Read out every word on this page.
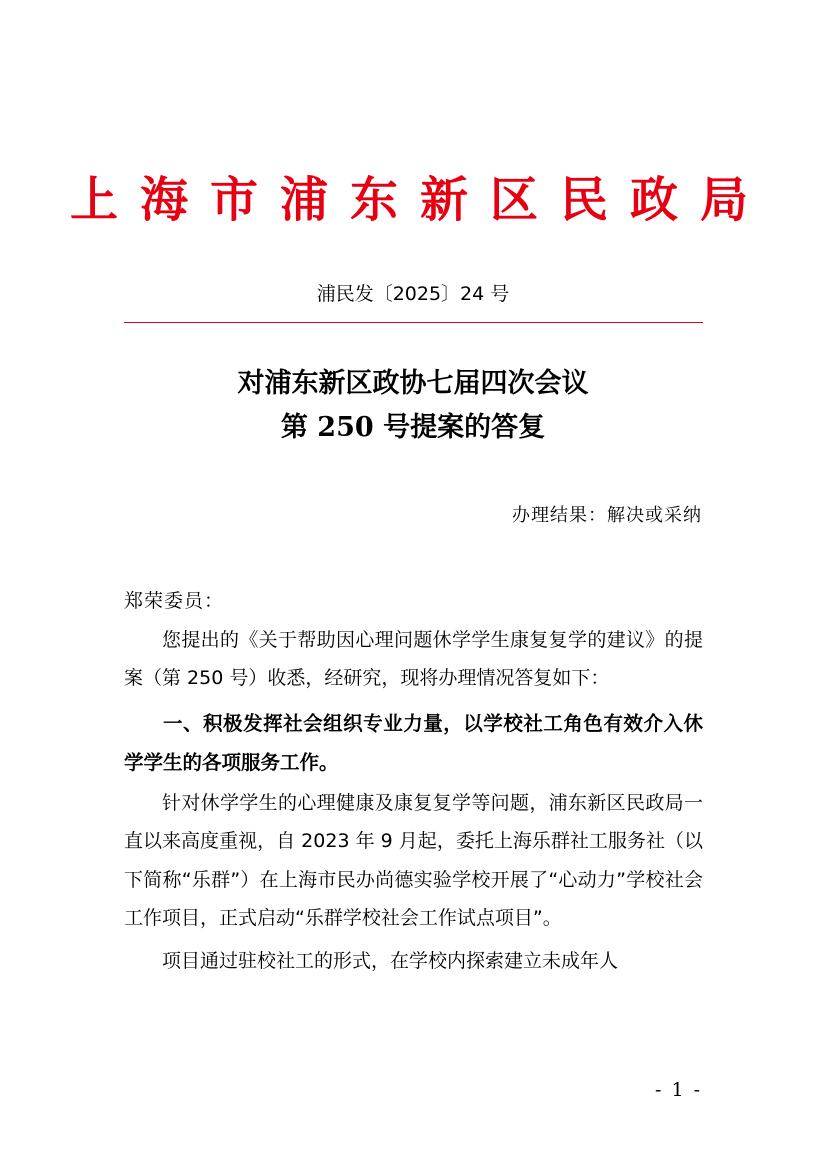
上海市浦东新区民政局
浦民发〔2025〕24 号
对浦东新区政协七届四次会议
第 250 号提案的答复
办理结果：解决或采纳

郑荣委员：

您提出的《关于帮助因心理问题休学学生康复复学的建议》的提案（第 250 号）收悉，经研究，现将办理情况答复如下：

一、积极发挥社会组织专业力量，以学校社工角色有效介入休学学生的各项服务工作。

针对休学学生的心理健康及康复复学等问题，浦东新区民政局一直以来高度重视，自 2023 年 9 月起，委托上海乐群社工服务社（以下简称“乐群”）在上海市民办尚德实验学校开展了“心动力”学校社会工作项目，正式启动“乐群学校社会工作试点项目”。

项目通过驻校社工的形式，在学校内探索建立未成年人

- 1 -
